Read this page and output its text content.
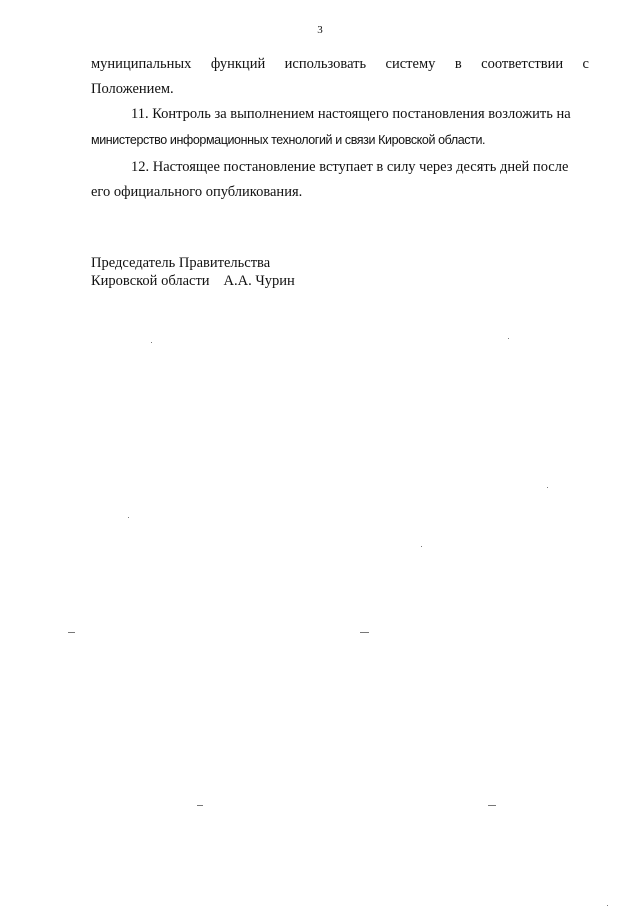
3
муниципальных функций использовать систему в соответствии с
Положением.
11. Контроль за выполнением настоящего постановления возложить на
министерство информационных технологий и связи Кировской области.
12. Настоящее постановление вступает в силу через десять дней после
его официального опубликования.
Председатель Правительства
Кировской области А.А. Чурин
